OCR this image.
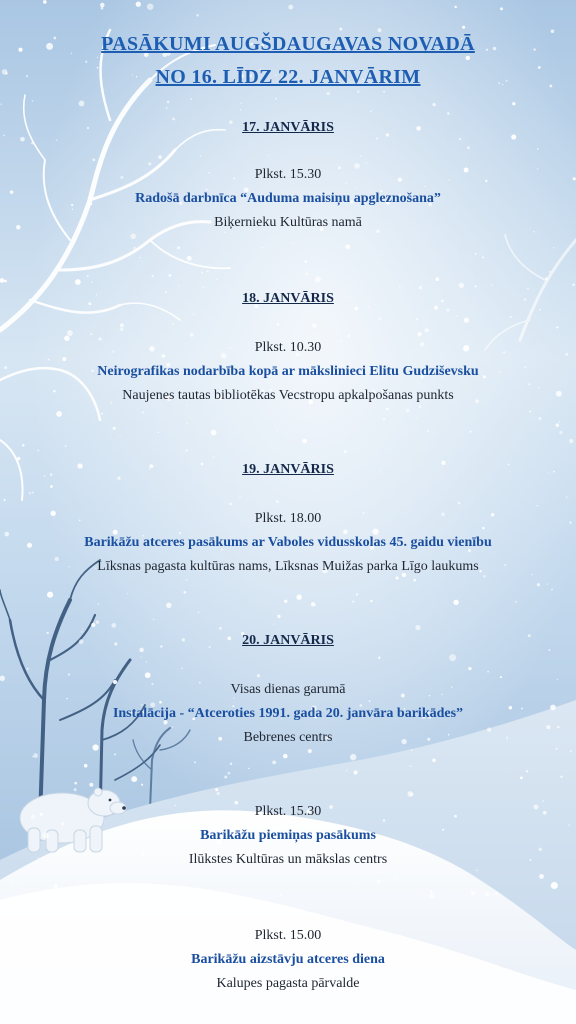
PASĀKUMI AUGŠDAUGAVAS NOVADĀ
NO 16. LĪDZ 22. JANVĀRIM
17. JANVĀRIS
Plkst. 15.30
Radošā darbnīca “Auduma maisiņu apgleznošana”
Biķernieku Kultūras namā
18. JANVĀRIS
Plkst. 10.30
Neirografikas nodarbība kopā ar mākslinieci Elitu Gudziševsku
Naujenes tautas bibliotēkas Vecstropu apkalpošanas punkts
19. JANVĀRIS
Plkst. 18.00
Barikāžu atceres pasākums ar Vaboles vidusskolas 45. gaidu vienību
Līksnas pagasta kultūras nams, Līksnas Muižas parka Līgo laukums
20. JANVĀRIS
Visas dienas garumā
Instalācija - “Atceroties 1991. gada 20. janvāra barikādes”
Bebrenes centrs
Plkst. 15.30
Barikāžu piemiņas pasākums
Ilūkstes Kultūras un mākslas centrs
Plkst. 15.00
Barikāžu aizstāvju atceres diena
Kalupes pagasta pārvalde
